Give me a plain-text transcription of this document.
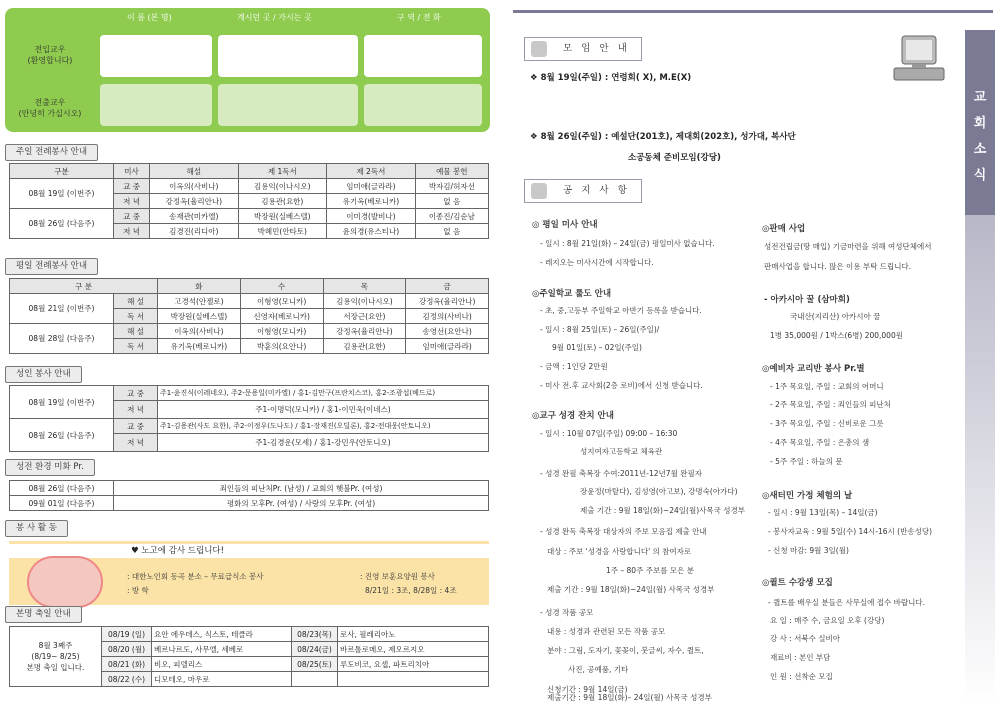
이 름 (본 명)	계시던 곳 / 가시는 곳	구 역 / 전 화
전입교우
(환영합니다)
전출교우
(안녕히 가십시오)
주일 전례봉사 안내
구분	미사	해설	제 1독서	제 2독서	예물 봉헌
08월 19일 (이번주)	교 중	이옥의(사비나)	김용익(이나시오)	임미애(글라라)	박자김/허자선
	저 녁	강정옥(율리안나)	김용관(요한)	유기옥(베로니카)	없 음
08월 26일 (다음주)	교 중	송재관(미카엘)	박장원(실베스텔)	이미경(발비나)	이종진/김순남
	저 녁	김경진(리디아)	박혜민(안타토)	윤의경(유스티나)	없 음
평일 전례봉사 안내
구 분		화	수	목	금
08월 21일 (이번주)	해 설	고경석(안젤로)	이형영(모니카)	김용익(이나시오)	강정옥(율리안나)
	독 서	박장원(실베스텔)	신영자(베로니카)	서장근(요안)	김정의(사비나)
08월 28일 (다음주)	해 설	이옥의(사비나)	이형영(모니카)	강정옥(율리안나)	송영선(요안나)
	독 서	유기옥(베로니카)	박훈의(요안나)	김용관(요한)	임미애(글라라)
성인 봉사 안내
08월 19일 (이번주)	교 중	주1-윤진식(이레네오), 주2-문용일(미카엘) / 홍1-김만구(프란치스코), 홍2-조광섭(베드로)
	저 녁	주1-이명덕(모니카) / 홍1-이민욱(이네스)
08월 26일 (다음주)	교 중	주1-김용관(사도 요한), 주2-이정우(도나도) / 홍1-장재진(오딜론), 홍2-전대웅(안토니오)
	저 녁	주1-김경운(모세) / 홍1-강민우(안토니오)
성전 환경 미화 Pr.
08월 26일 (다음주)	죄인들의 피난처Pr. (남성) / 교회의 햇불Pr. (여성)
09월 01일 (다음주)	평화의 모후Pr. (여성) / 사랑의 모후Pr. (여성)
봉 사 활 동
♥ 노고에 감사 드립니다!
: 대한노인회 동곡 분소 – 무료급식소 봉사
: 방 학
: 진영 보훈요양원 봉사
8/21일 : 3조, 8/28일 : 4조
본명 축일 안내
8월 3째주
(8/19~ 8/25)
본명 축일 입니다.	08/19 (일)	요안 에우데스, 식스토, 테클라	08/23(목)	로사, 필레리아노
	08/20 (월)	베르나르도, 사무엘, 세베로	08/24(금)	바르톨로메오, 제오르지오
	08/21 (화)	비오, 피델리스	08/25(토)	루도비코, 요셉, 파트리치아
	08/22 (수)	디모테오, 마우로		
교
회
소
식
모 임 안 내
❖ 8월 19일(주일) : 연령회( X), M.E(X)
❖ 8월 26일(주일) : 예설단(201호), 제대회(202호), 성가대, 복사단
소공동체 준비모임(강당)
공 지 사 항
◎ 평일 미사 안내
- 일시 : 8월 21일(화) – 24일(금) 평일미사 없습니다.
- 레지오는 미사시간에 시작합니다.
◎주일학교 룰도 안내
- 초, 중,고등부 주일학교 아반기 등록을 받습니다.
- 일시 : 8월 25일(토) – 26일(주일)/
9월 01일(토) – 02일(주일)
- 금액 : 1인당 2만원
- 미사 전.후 교사회(2층 로비)에서 신청 받습니다.
◎교구 성경 잔치 안내
- 일시 : 10월 07일(주일) 09:00 – 16:30
성지여자고등학교 체육관
- 성경 완필 축복장 수여:2011년-12년7월 완필자
장윤정(마탈다), 김성영(아고보), 강명숙(아가다)
제출 기간 : 9월 18일(화)~24일(월)사목국 성경부
- 성경 완독 축복장 대상자의 주보 모음집 제출 안내
대상 : 주보 '성경을 사랑합니다' 의 참여자로
1주 – 80주 주보를 모은 분
제출 기간 : 9월 18일(화)~24일(월) 사목국 성경부
- 성경 작품 공모
내용 : 성경과 관련된 모든 작품 공모
분야 : 그림, 도자기, 꽃꽂이, 붓글씨, 자수, 퀼트,
사진, 공예품, 기타
신청기간 : 9월 14일(금)
제출기간 : 9월 18일(화)– 24일(월) 사목국 성경부
◎판매 사업
성전건립금(땅 매입) 기금마련을 위해 여성단체에서
판매사업을 합니다. 많은 이용 부탁 드립니다.
- 아카시아 꿀 (삼마회)
국내산(지리산) 아카시아 꿀
1병 35,000원 / 1박스(6병) 200,000원
◎예비자 교리반 봉사 Pr.별
- 1주 목요일, 주일 : 교회의 어머니
- 2주 목요일, 주일 : 죄인들의 피난처
- 3주 목요일, 주일 : 신비로운 그릇
- 4주 목요일, 주일 : 은총의 샘
- 5주 주일 : 하늘의 문
◎새터민 가정 체험의 날
- 일시 : 9월 13일(목) – 14일(금)
- 봉사자교육 : 9월 5일(수) 14시-16시 (반송성당)
- 신청 마감: 9월 3일(월)
◎퀼트 수강생 모집
- 퀼트를 배우실 분들은 사무실에 접수 바랍니다.
요 일 : 매주 수, 금요일 오후 (강당)
강 사 : 서북수 실비아
재료비 : 본인 부담
인 원 : 선착순 모집
